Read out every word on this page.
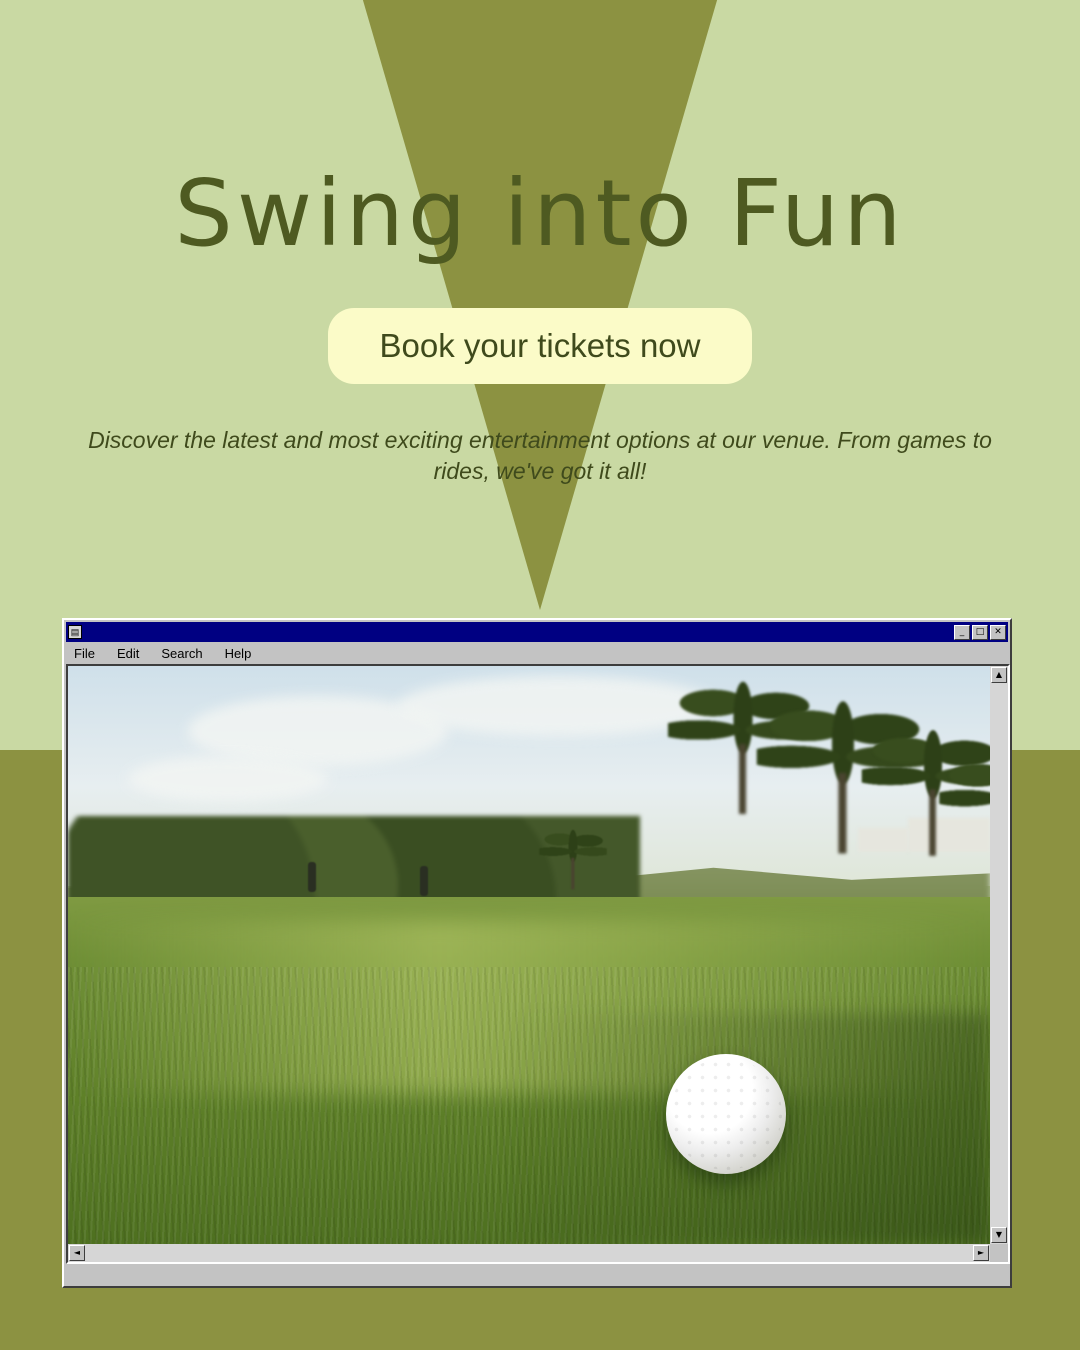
Swing into Fun
Book your tickets now
Discover the latest and most exciting entertainment options at our venue. From games to rides, we've got it all!
▤	_	□	✕
File Edit Search Help
▲
▼
◄	►
